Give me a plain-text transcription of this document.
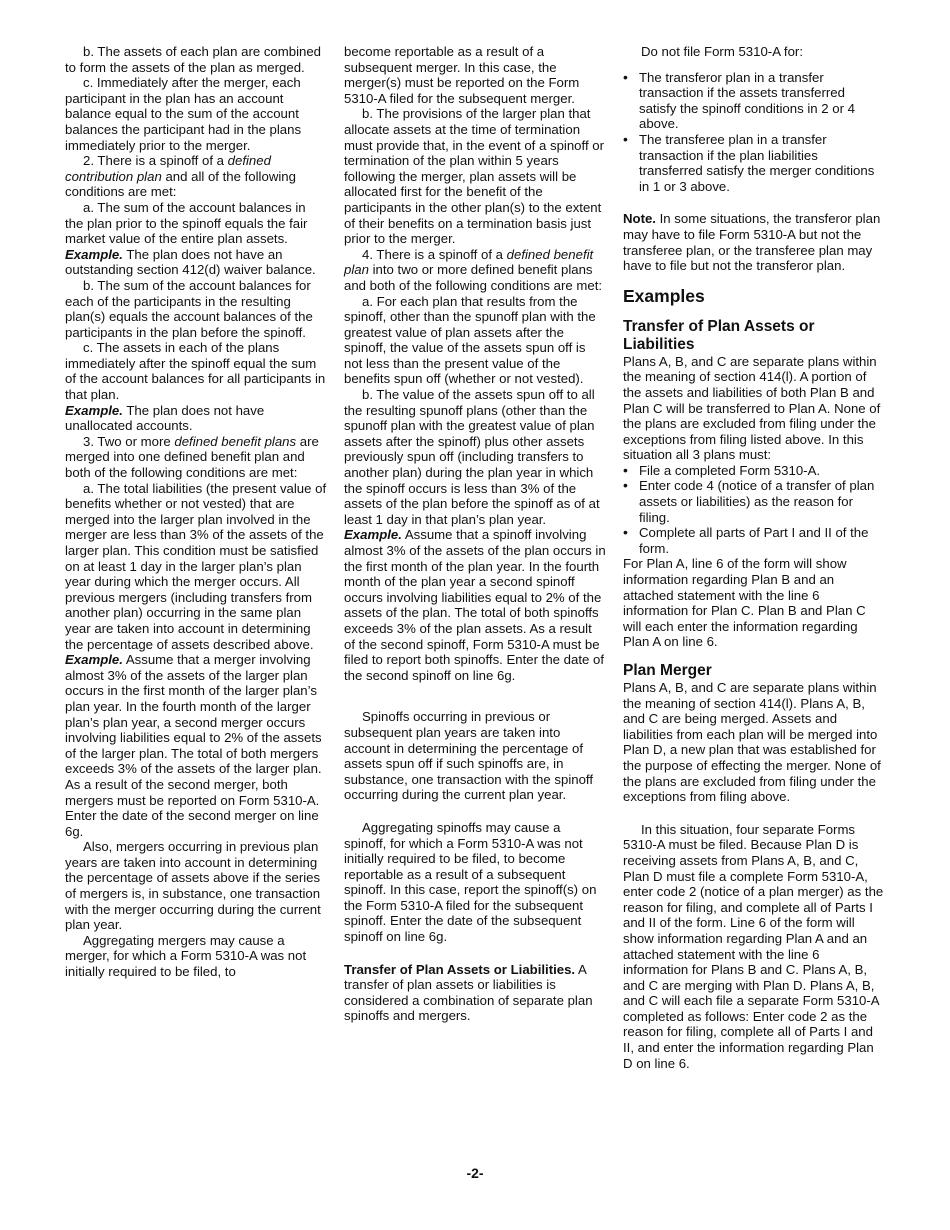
b. The assets of each plan are combined to form the assets of the plan as merged.

c. Immediately after the merger, each participant in the plan has an account balance equal to the sum of the account balances the participant had in the plans immediately prior to the merger.

2. There is a spinoff of a defined contribution plan and all of the following conditions are met:

a. The sum of the account balances in the plan prior to the spinoff equals the fair market value of the entire plan assets.

Example. The plan does not have an outstanding section 412(d) waiver balance.

b. The sum of the account balances for each of the participants in the resulting plan(s) equals the account balances of the participants in the plan before the spinoff.

c. The assets in each of the plans immediately after the spinoff equal the sum of the account balances for all participants in that plan.

Example. The plan does not have unallocated accounts.

3. Two or more defined benefit plans are merged into one defined benefit plan and both of the following conditions are met:

a. The total liabilities (the present value of benefits whether or not vested) that are merged into the larger plan involved in the merger are less than 3% of the assets of the larger plan. This condition must be satisfied on at least 1 day in the larger plan’s plan year during which the merger occurs. All previous mergers (including transfers from another plan) occurring in the same plan year are taken into account in determining the percentage of assets described above.

Example. Assume that a merger involving almost 3% of the assets of the larger plan occurs in the first month of the larger plan’s plan year. In the fourth month of the larger plan’s plan year, a second merger occurs involving liabilities equal to 2% of the assets of the larger plan. The total of both mergers exceeds 3% of the assets of the larger plan. As a result of the second merger, both mergers must be reported on Form 5310-A. Enter the date of the second merger on line 6g.

Also, mergers occurring in previous plan years are taken into account in determining the percentage of assets above if the series of mergers is, in substance, one transaction with the merger occurring during the current plan year.

Aggregating mergers may cause a merger, for which a Form 5310-A was not initially required to be filed, to

become reportable as a result of a subsequent merger. In this case, the merger(s) must be reported on the Form 5310-A filed for the subsequent merger.

b. The provisions of the larger plan that allocate assets at the time of termination must provide that, in the event of a spinoff or termination of the plan within 5 years following the merger, plan assets will be allocated first for the benefit of the participants in the other plan(s) to the extent of their benefits on a termination basis just prior to the merger.

4. There is a spinoff of a defined benefit plan into two or more defined benefit plans and both of the following conditions are met:

a. For each plan that results from the spinoff, other than the spunoff plan with the greatest value of plan assets after the spinoff, the value of the assets spun off is not less than the present value of the benefits spun off (whether or not vested).

b. The value of the assets spun off to all the resulting spunoff plans (other than the spunoff plan with the greatest value of plan assets after the spinoff) plus other assets previously spun off (including transfers to another plan) during the plan year in which the spinoff occurs is less than 3% of the assets of the plan before the spinoff as of at least 1 day in that plan’s plan year.

Example. Assume that a spinoff involving almost 3% of the assets of the plan occurs in the first month of the plan year. In the fourth month of the plan year a second spinoff occurs involving liabilities equal to 2% of the assets of the plan. The total of both spinoffs exceeds 3% of the plan assets. As a result of the second spinoff, Form 5310-A must be filed to report both spinoffs. Enter the date of the second spinoff on line 6g.

Spinoffs occurring in previous or subsequent plan years are taken into account in determining the percentage of assets spun off if such spinoffs are, in substance, one transaction with the spinoff occurring during the current plan year.

Aggregating spinoffs may cause a spinoff, for which a Form 5310-A was not initially required to be filed, to become reportable as a result of a subsequent spinoff. In this case, report the spinoff(s) on the Form 5310-A filed for the subsequent spinoff. Enter the date of the subsequent spinoff on line 6g.

Transfer of Plan Assets or Liabilities. A transfer of plan assets or liabilities is considered a combination of separate plan spinoffs and mergers.

Do not file Form 5310-A for:

• The transferor plan in a transfer transaction if the assets transferred satisfy the spinoff conditions in 2 or 4 above.

• The transferee plan in a transfer transaction if the plan liabilities transferred satisfy the merger conditions in 1 or 3 above.

Note. In some situations, the transferor plan may have to file Form 5310-A but not the transferee plan, or the transferee plan may have to file but not the transferor plan.

Examples

Transfer of Plan Assets or Liabilities

Plans A, B, and C are separate plans within the meaning of section 414(l). A portion of the assets and liabilities of both Plan B and Plan C will be transferred to Plan A. None of the plans are excluded from filing under the exceptions from filing listed above. In this situation all 3 plans must:

• File a completed Form 5310-A.

• Enter code 4 (notice of a transfer of plan assets or liabilities) as the reason for filing.

• Complete all parts of Part I and II of the form.

For Plan A, line 6 of the form will show information regarding Plan B and an attached statement with the line 6 information for Plan C. Plan B and Plan C will each enter the information regarding Plan A on line 6.

Plan Merger

Plans A, B, and C are separate plans within the meaning of section 414(l). Plans A, B, and C are being merged. Assets and liabilities from each plan will be merged into Plan D, a new plan that was established for the purpose of effecting the merger. None of the plans are excluded from filing under the exceptions from filing above.

In this situation, four separate Forms 5310-A must be filed. Because Plan D is receiving assets from Plans A, B, and C, Plan D must file a complete Form 5310-A, enter code 2 (notice of a plan merger) as the reason for filing, and complete all of Parts I and II of the form. Line 6 of the form will show information regarding Plan A and an attached statement with the line 6 information for Plans B and C. Plans A, B, and C are merging with Plan D. Plans A, B, and C will each file a separate Form 5310-A completed as follows: Enter code 2 as the reason for filing, complete all of Parts I and II, and enter the information regarding Plan D on line 6.

-2-
